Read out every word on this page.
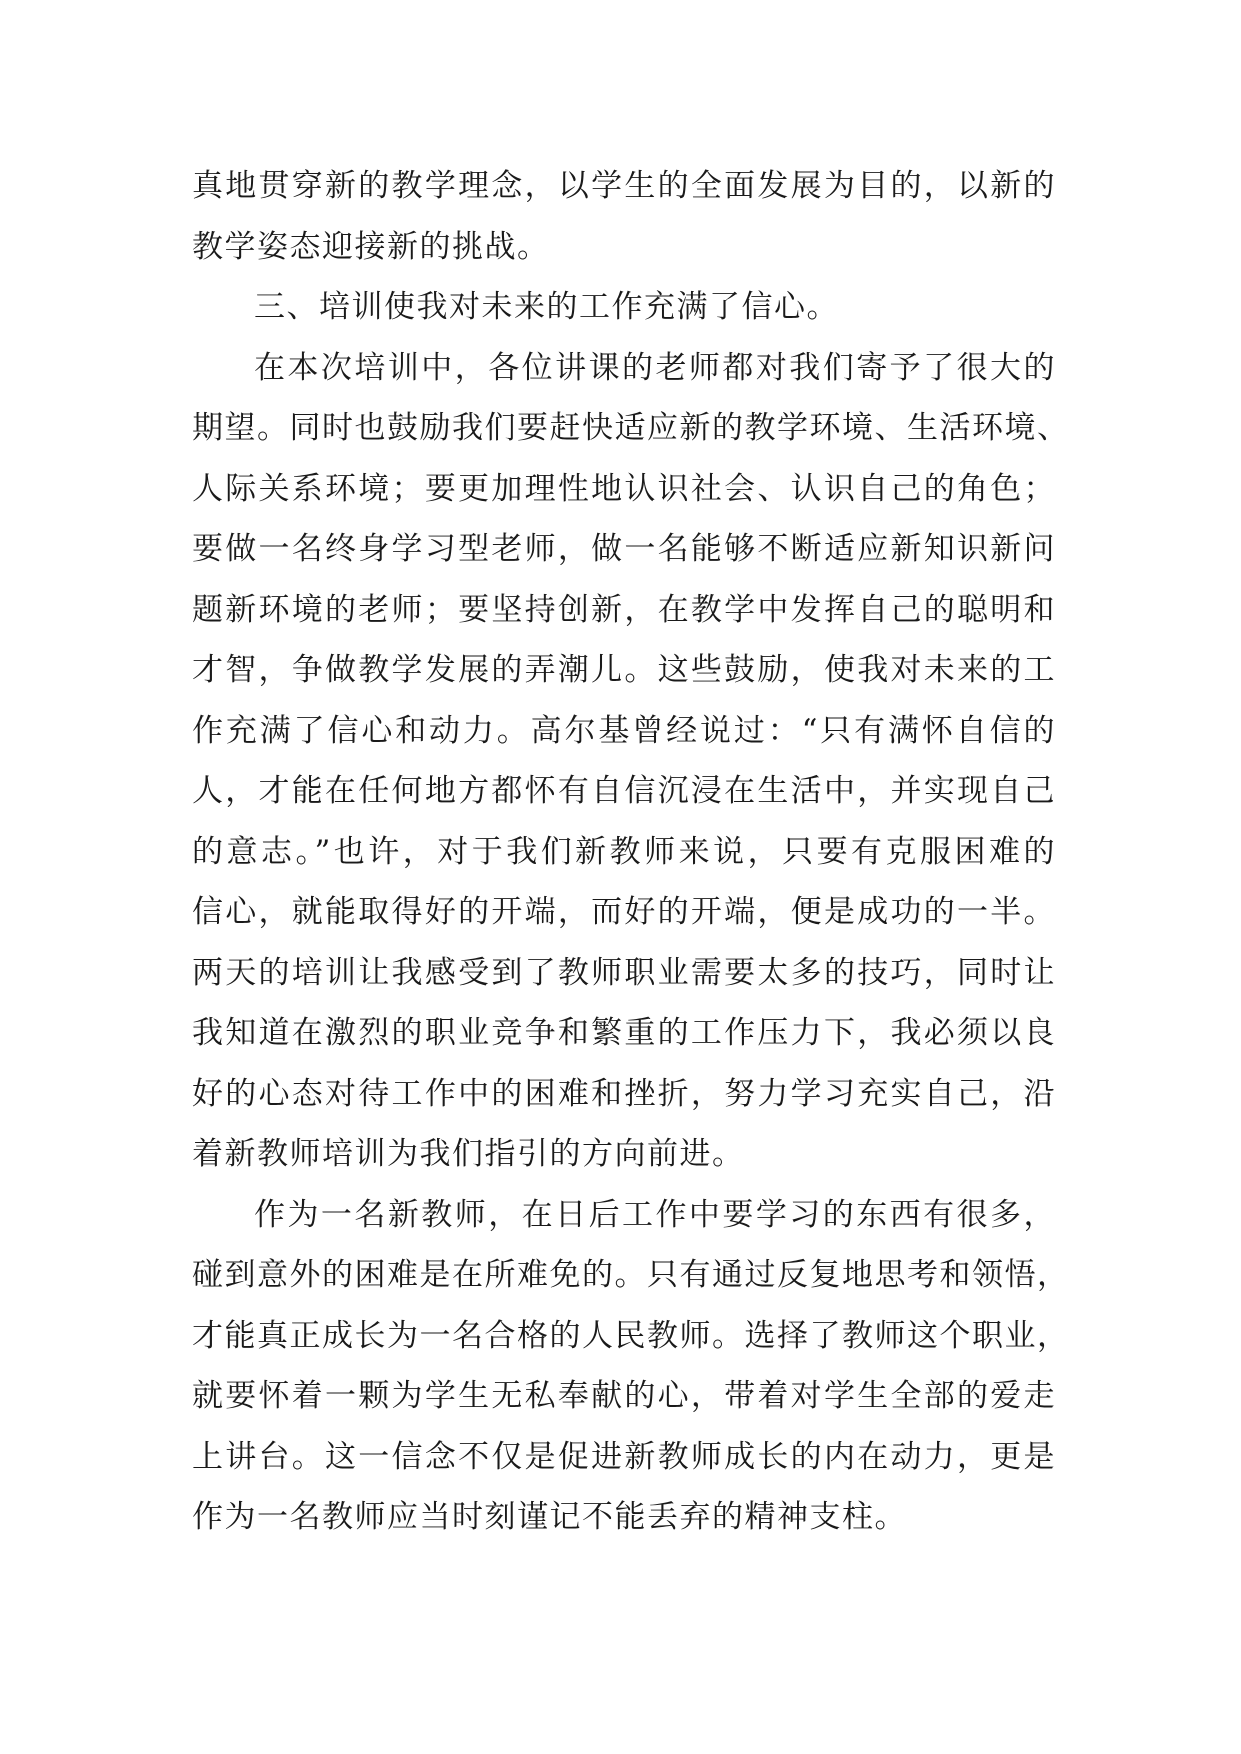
真地贯穿新的教学理念，以学生的全面发展为目的，以新的
教学姿态迎接新的挑战。
三、培训使我对未来的工作充满了信心。
在本次培训中，各位讲课的老师都对我们寄予了很大的
期望。同时也鼓励我们要赶快适应新的教学环境、生活环境、
人际关系环境；要更加理性地认识社会、认识自己的角色；
要做一名终身学习型老师，做一名能够不断适应新知识新问
题新环境的老师；要坚持创新，在教学中发挥自己的聪明和
才智，争做教学发展的弄潮儿。这些鼓励，使我对未来的工
作充满了信心和动力。高尔基曾经说过：“只有满怀自信的
人，才能在任何地方都怀有自信沉浸在生活中，并实现自己
的意志。”也许，对于我们新教师来说，只要有克服困难的
信心，就能取得好的开端，而好的开端，便是成功的一半。
两天的培训让我感受到了教师职业需要太多的技巧，同时让
我知道在激烈的职业竞争和繁重的工作压力下，我必须以良
好的心态对待工作中的困难和挫折，努力学习充实自己，沿
着新教师培训为我们指引的方向前进。
作为一名新教师，在日后工作中要学习的东西有很多，
碰到意外的困难是在所难免的。只有通过反复地思考和领悟，
才能真正成长为一名合格的人民教师。选择了教师这个职业，
就要怀着一颗为学生无私奉献的心，带着对学生全部的爱走
上讲台。这一信念不仅是促进新教师成长的内在动力，更是
作为一名教师应当时刻谨记不能丢弃的精神支柱。
